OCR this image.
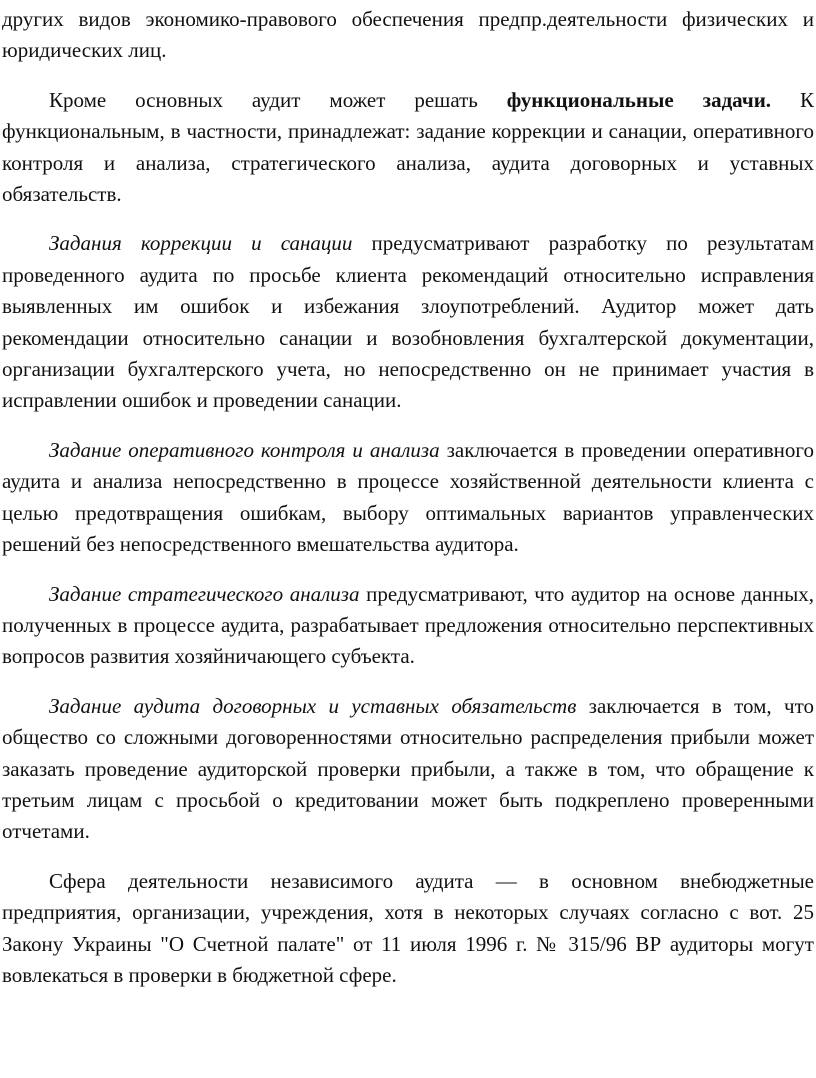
других видов экономико-правового обеспечения предпр.деятельности физических и юридических лиц.

Кроме основных аудит может решать функциональные задачи. К функциональным, в частности, принадлежат: задание коррекции и санации, оперативного контроля и анализа, стратегического анализа, аудита договорных и уставных обязательств.

Задания коррекции и санации предусматривают разработку по результатам проведенного аудита по просьбе клиента рекомендаций относительно исправления выявленных им ошибок и избежания злоупотреблений. Аудитор может дать рекомендации относительно санации и возобновления бухгалтерской документации, организации бухгалтерского учета, но непосредственно он не принимает участия в исправлении ошибок и проведении санации.

Задание оперативного контроля и анализа заключается в проведении оперативного аудита и анализа непосредственно в процессе хозяйственной деятельности клиента с целью предотвращения ошибкам, выбору оптимальных вариантов управленческих решений без непосредственного вмешательства аудитора.

Задание стратегического анализа предусматривают, что аудитор на основе данных, полученных в процессе аудита, разрабатывает предложения относительно перспективных вопросов развития хозяйничающего субъекта.

Задание аудита договорных и уставных обязательств заключается в том, что общество со сложными договоренностями относительно распределения прибыли может заказать проведение аудиторской проверки прибыли, а также в том, что обращение к третьим лицам с просьбой о кредитовании может быть подкреплено проверенными отчетами.

Сфера деятельности независимого аудита — в основном внебюджетные предприятия, организации, учреждения, хотя в некоторых случаях согласно с вот. 25 Закону Украины "О Счетной палате" от 11 июля 1996 г. № 315/96 ВР аудиторы могут вовлекаться в проверки в бюджетной сфере.
